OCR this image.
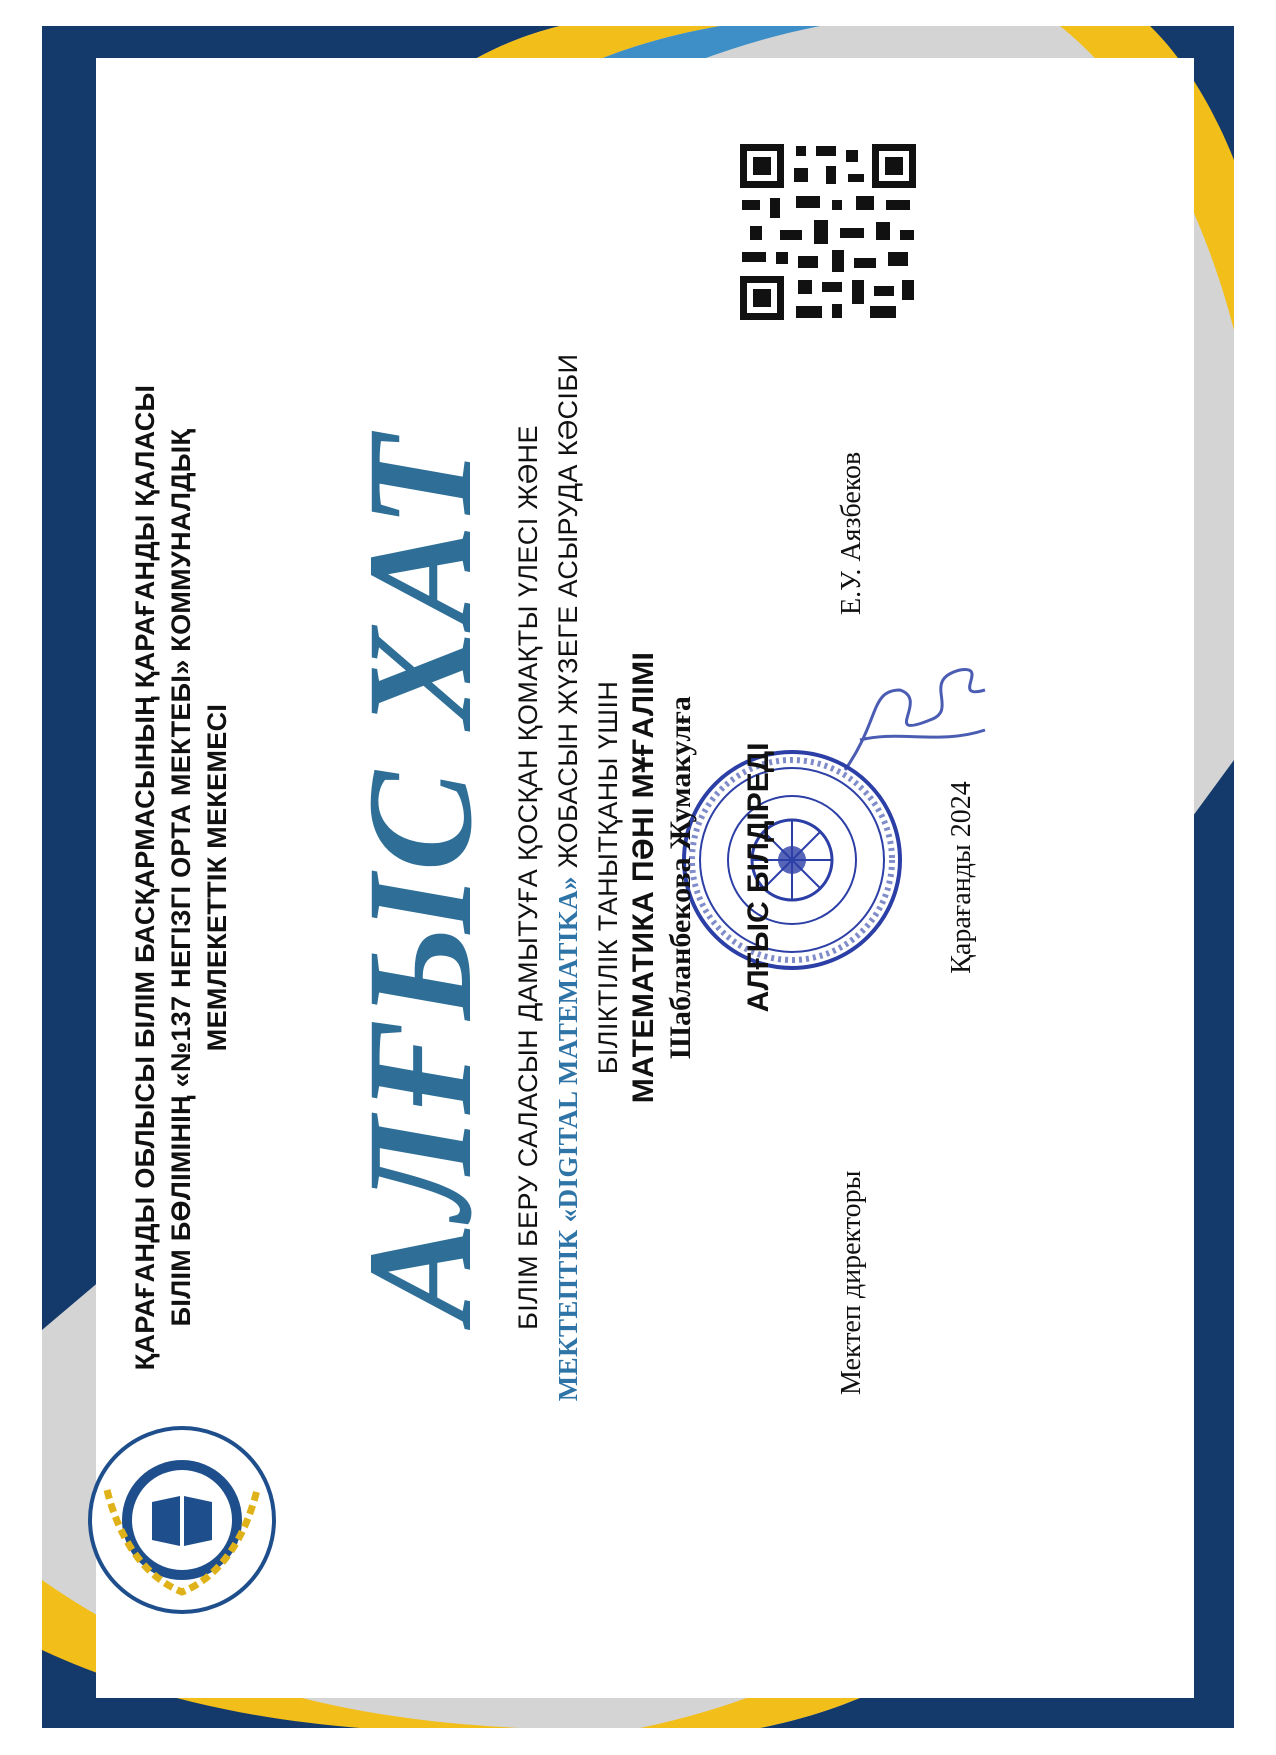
ҚАРАҒАНДЫ ОБЛЫСЫ БІЛІМ БАСҚАРМАСЫНЫҢ ҚАРАҒАНДЫ ҚАЛАСЫ БІЛІМ БӨЛІМІНІҢ «№137 НЕГІЗГІ ОРТА МЕКТЕБІ» КОММУНАЛДЫҚ МЕМЛЕКЕТТІК МЕКЕМЕСІ АЛҒЫС ХАТ БІЛІМ БЕРУ САЛАСЫН ДАМЫТУҒА ҚОСҚАН ҚОМАҚТЫ ҮЛЕСІ ЖӘНЕ МЕКТЕПТІК «DIGITAL MATEMATIKA» ЖОБАСЫН ЖҮЗЕГЕ АСЫРУДА КӘСІБИ
БІЛІКТІЛІК ТАНЫТҚАНЫ ҮШІН МАТЕМАТИКА ПӘНІ МҰҒАЛІМІ Шабланбекова Жумакулға АЛҒЫС БІЛДІРЕДІ
Мектеп директоры
Е.У. Аязбеков
Қарағанды 2024
